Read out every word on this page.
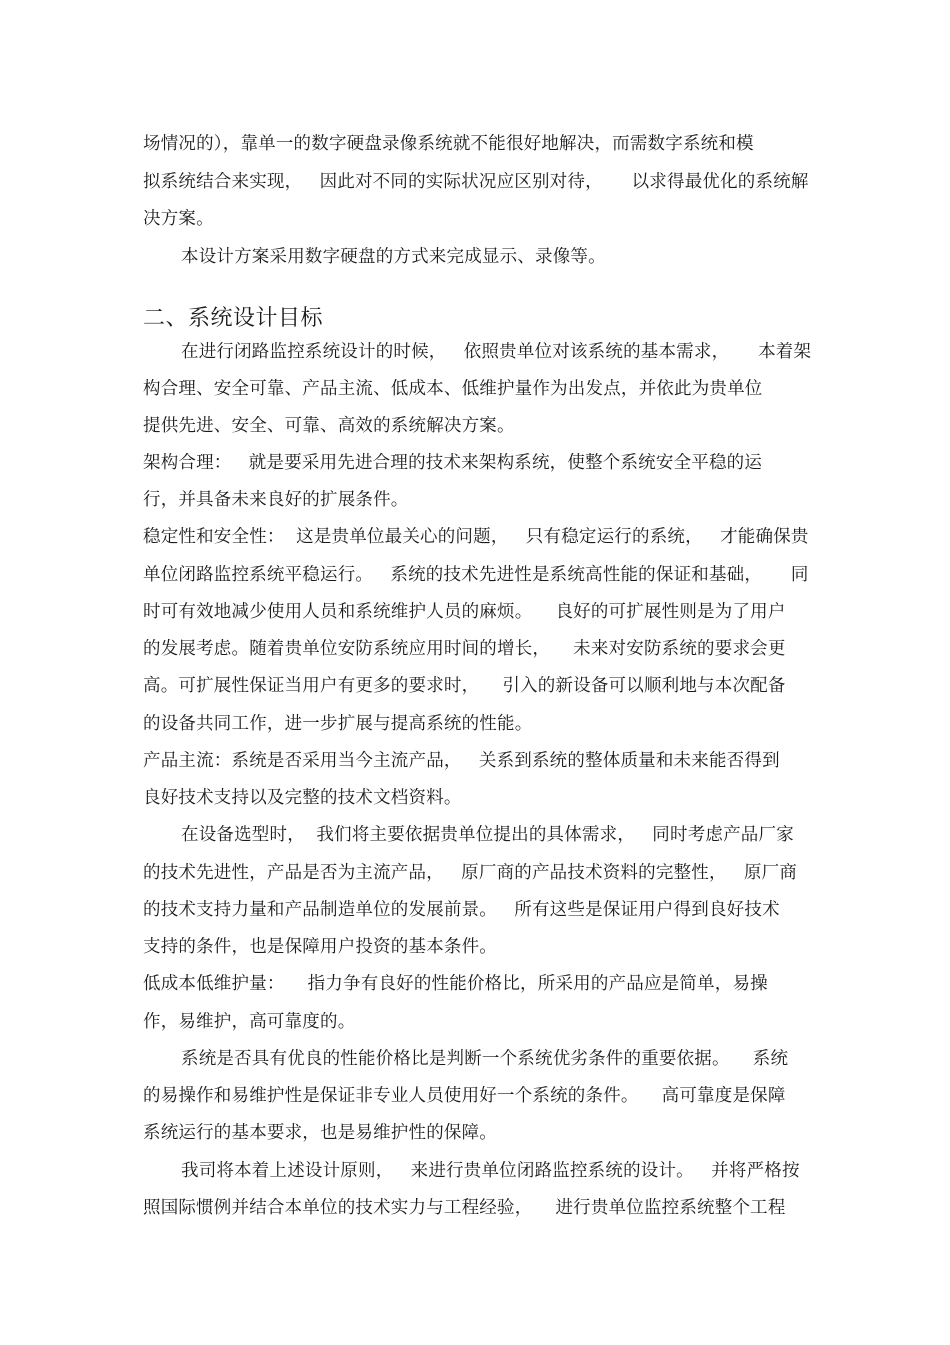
场情况的），靠单一的数字硬盘录像系统就不能很好地解决，而需数字系统和模
拟系统结合来实现，   因此对不同的实际状况应区别对待，     以求得最优化的系统解
决方案。
本设计方案采用数字硬盘的方式来完成显示、录像等。
二、系统设计目标
在进行闭路监控系统设计的时候，   依照贵单位对该系统的基本需求，     本着架
构合理、安全可靠、产品主流、低成本、低维护量作为出发点，并依此为贵单位
提供先进、安全、可靠、高效的系统解决方案。
架构合理：   就是要采用先进合理的技术来架构系统，使整个系统安全平稳的运
行，并具备未来良好的扩展条件。
稳定性和安全性：  这是贵单位最关心的问题，   只有稳定运行的系统，   才能确保贵
单位闭路监控系统平稳运行。   系统的技术先进性是系统高性能的保证和基础，     同
时可有效地减少使用人员和系统维护人员的麻烦。    良好的可扩展性则是为了用户
的发展考虑。随着贵单位安防系统应用时间的增长，    未来对安防系统的要求会更
高。可扩展性保证当用户有更多的要求时，    引入的新设备可以顺利地与本次配备
的设备共同工作，进一步扩展与提高系统的性能。
产品主流：系统是否采用当今主流产品，   关系到系统的整体质量和未来能否得到
良好技术支持以及完整的技术文档资料。
在设备选型时，  我们将主要依据贵单位提出的具体需求，   同时考虑产品厂家
的技术先进性，产品是否为主流产品，   原厂商的产品技术资料的完整性，   原厂商
的技术支持力量和产品制造单位的发展前景。   所有这些是保证用户得到良好技术
支持的条件，也是保障用户投资的基本条件。
低成本低维护量：    指力争有良好的性能价格比，所采用的产品应是简单，易操
作，易维护，高可靠度的。
系统是否具有优良的性能价格比是判断一个系统优劣条件的重要依据。    系统
的易操作和易维护性是保证非专业人员使用好一个系统的条件。    高可靠度是保障
系统运行的基本要求，也是易维护性的保障。
我司将本着上述设计原则，   来进行贵单位闭路监控系统的设计。   并将严格按
照国际惯例并结合本单位的技术实力与工程经验，    进行贵单位监控系统整个工程
